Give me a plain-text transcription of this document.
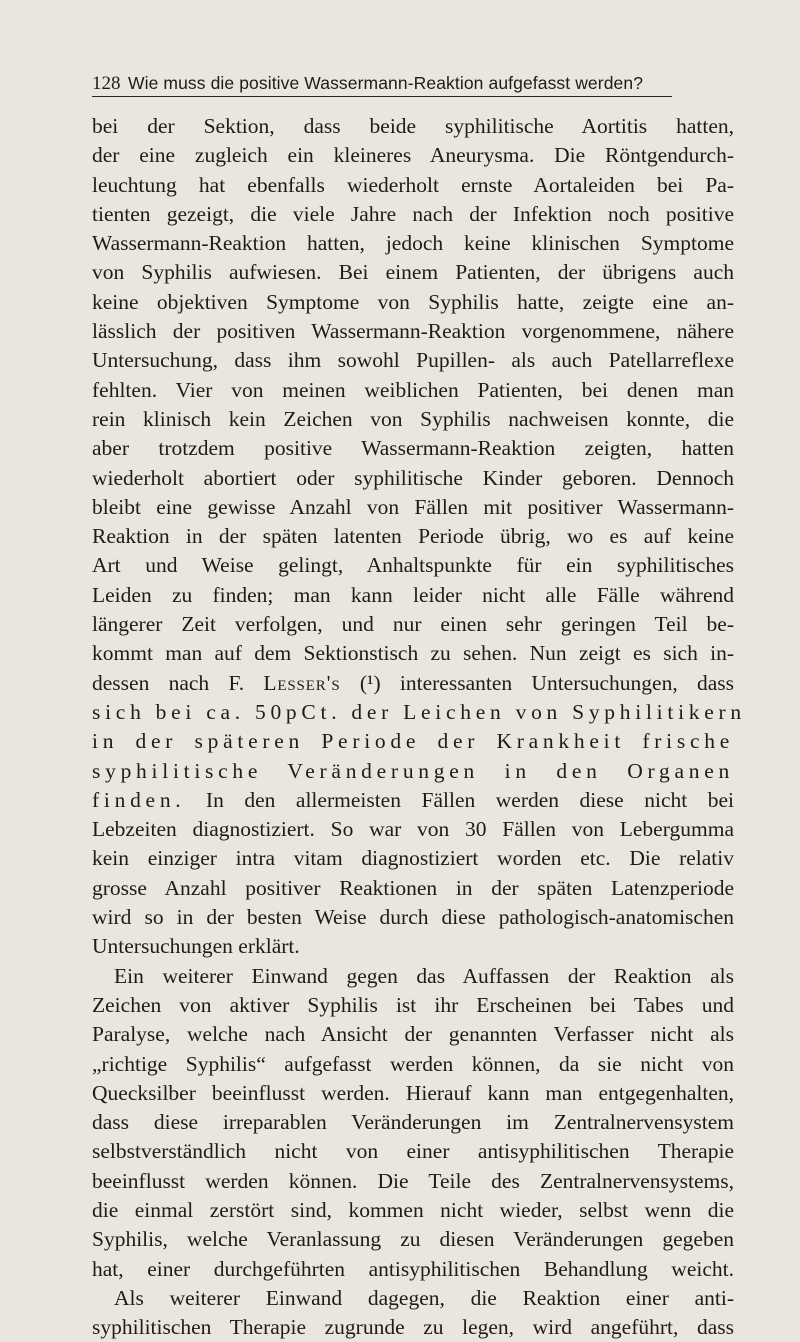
128 Wie muss die positive Wassermann-Reaktion aufgefasst werden?
bei der Sektion, dass beide syphilitische Aortitis hatten,
der eine zugleich ein kleineres Aneurysma. Die Röntgendurch-
leuchtung hat ebenfalls wiederholt ernste Aortaleiden bei Pa-
tienten gezeigt, die viele Jahre nach der Infektion noch positive
Wassermann-Reaktion hatten, jedoch keine klinischen Symptome
von Syphilis aufwiesen. Bei einem Patienten, der übrigens auch
keine objektiven Symptome von Syphilis hatte, zeigte eine an-
lässlich der positiven Wassermann-Reaktion vorgenommene, nähere
Untersuchung, dass ihm sowohl Pupillen- als auch Patellarreflexe
fehlten. Vier von meinen weiblichen Patienten, bei denen man
rein klinisch kein Zeichen von Syphilis nachweisen konnte, die
aber trotzdem positive Wassermann-Reaktion zeigten, hatten
wiederholt abortiert oder syphilitische Kinder geboren. Dennoch
bleibt eine gewisse Anzahl von Fällen mit positiver Wassermann-
Reaktion in der späten latenten Periode übrig, wo es auf keine
Art und Weise gelingt, Anhaltspunkte für ein syphilitisches
Leiden zu finden; man kann leider nicht alle Fälle während
längerer Zeit verfolgen, und nur einen sehr geringen Teil be-
kommt man auf dem Sektionstisch zu sehen. Nun zeigt es sich in-
dessen nach F. Lesser's (¹) interessanten Untersuchungen, dass
sich bei ca. 50pCt. der Leichen von Syphilitikern
in der späteren Periode der Krankheit frische
syphilitische Veränderungen in den Organen
finden. In den allermeisten Fällen werden diese nicht bei
Lebzeiten diagnostiziert. So war von 30 Fällen von Lebergumma
kein einziger intra vitam diagnostiziert worden etc. Die relativ
grosse Anzahl positiver Reaktionen in der späten Latenzperiode
wird so in der besten Weise durch diese pathologisch-anatomischen
Untersuchungen erklärt.
Ein weiterer Einwand gegen das Auffassen der Reaktion als
Zeichen von aktiver Syphilis ist ihr Erscheinen bei Tabes und
Paralyse, welche nach Ansicht der genannten Verfasser nicht als
„richtige Syphilis“ aufgefasst werden können, da sie nicht von
Quecksilber beeinflusst werden. Hierauf kann man entgegenhalten,
dass diese irreparablen Veränderungen im Zentralnervensystem
selbstverständlich nicht von einer antisyphilitischen Therapie
beeinflusst werden können. Die Teile des Zentralnervensystems,
die einmal zerstört sind, kommen nicht wieder, selbst wenn die
Syphilis, welche Veranlassung zu diesen Veränderungen gegeben
hat, einer durchgeführten antisyphilitischen Behandlung weicht.
Als weiterer Einwand dagegen, die Reaktion einer anti-
syphilitischen Therapie zugrunde zu legen, wird angeführt, dass
